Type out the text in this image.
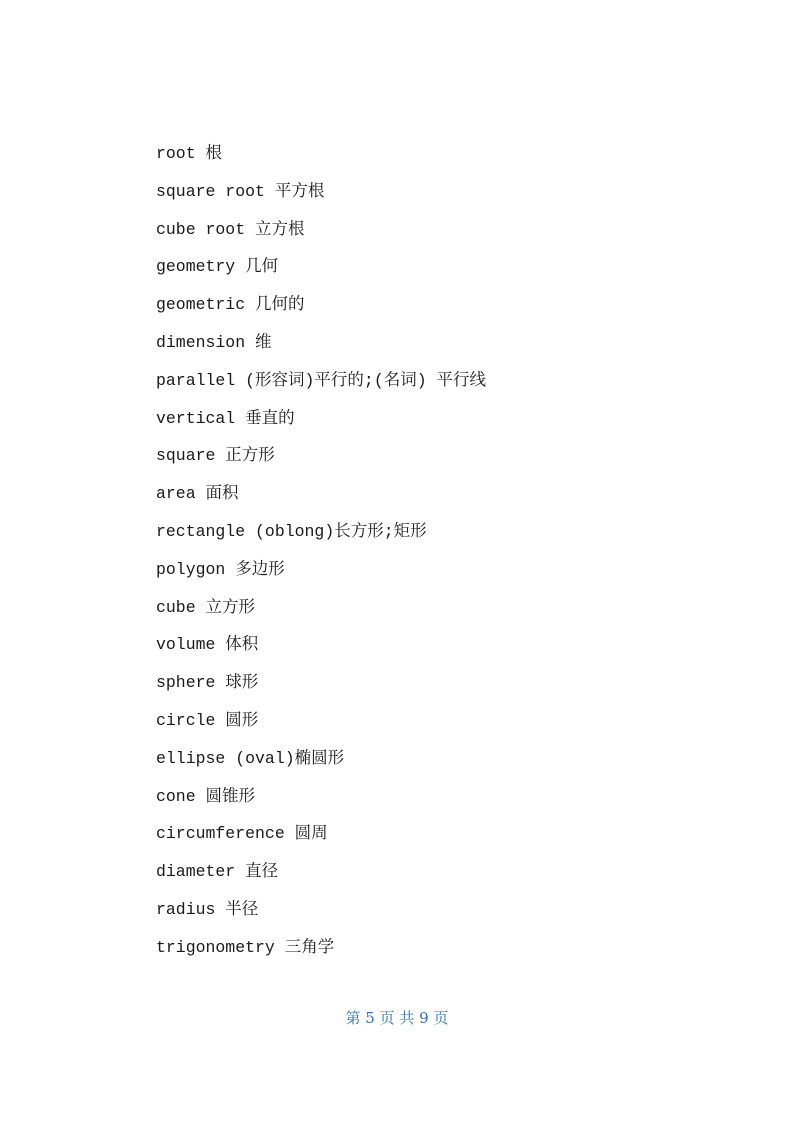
root 根
square root 平方根
cube root 立方根
geometry 几何
geometric 几何的
dimension 维
parallel (形容词)平行的;(名词) 平行线
vertical 垂直的
square 正方形
area 面积
rectangle (oblong)长方形;矩形
polygon 多边形
cube 立方形
volume 体积
sphere 球形
circle 圆形
ellipse (oval)椭圆形
cone 圆锥形
circumference 圆周
diameter 直径
radius 半径
trigonometry 三角学
第 5 页 共 9 页
